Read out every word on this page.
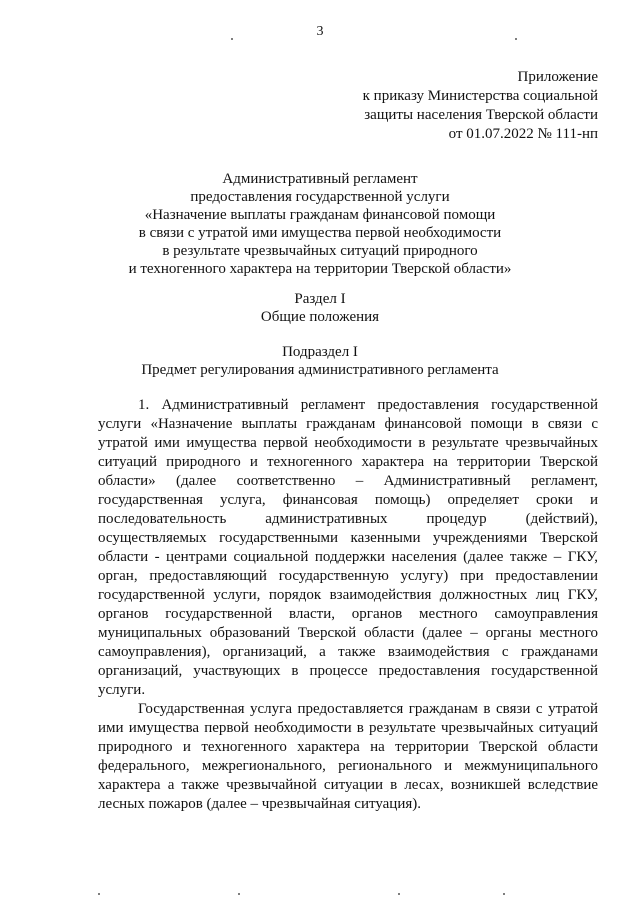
3
Приложение
к приказу Министерства социальной
защиты населения Тверской области
от 01.07.2022 № 111-нп
Административный регламент
предоставления государственной услуги
«Назначение выплаты гражданам финансовой помощи
в связи с утратой ими имущества первой необходимости
в результате чрезвычайных ситуаций природного
и техногенного характера на территории Тверской области»
Раздел I
Общие положения
Подраздел I
Предмет регулирования административного регламента

1. Административный регламент предоставления государственной услуги «Назначение выплаты гражданам финансовой помощи в связи с утратой ими имущества первой необходимости в результате чрезвычайных ситуаций природного и техногенного характера на территории Тверской области» (далее соответственно – Административный регламент, государственная услуга, финансовая помощь) определяет сроки и последовательность административных процедур (действий), осуществляемых государственными казенными учреждениями Тверской области - центрами социальной поддержки населения (далее также – ГКУ, орган, предоставляющий государственную услугу) при предоставлении государственной услуги, порядок взаимодействия должностных лиц ГКУ, органов государственной власти, органов местного самоуправления муниципальных образований Тверской области (далее – органы местного самоуправления), организаций, а также взаимодействия с гражданами организаций, участвующих в процессе предоставления государственной услуги.

Государственная услуга предоставляется гражданам в связи с утратой ими имущества первой необходимости в результате чрезвычайных ситуаций природного и техногенного характера на территории Тверской области федерального, межрегионального, регионального и межмуниципального характера а также чрезвычайной ситуации в лесах, возникшей вследствие лесных пожаров (далее – чрезвычайная ситуация).
